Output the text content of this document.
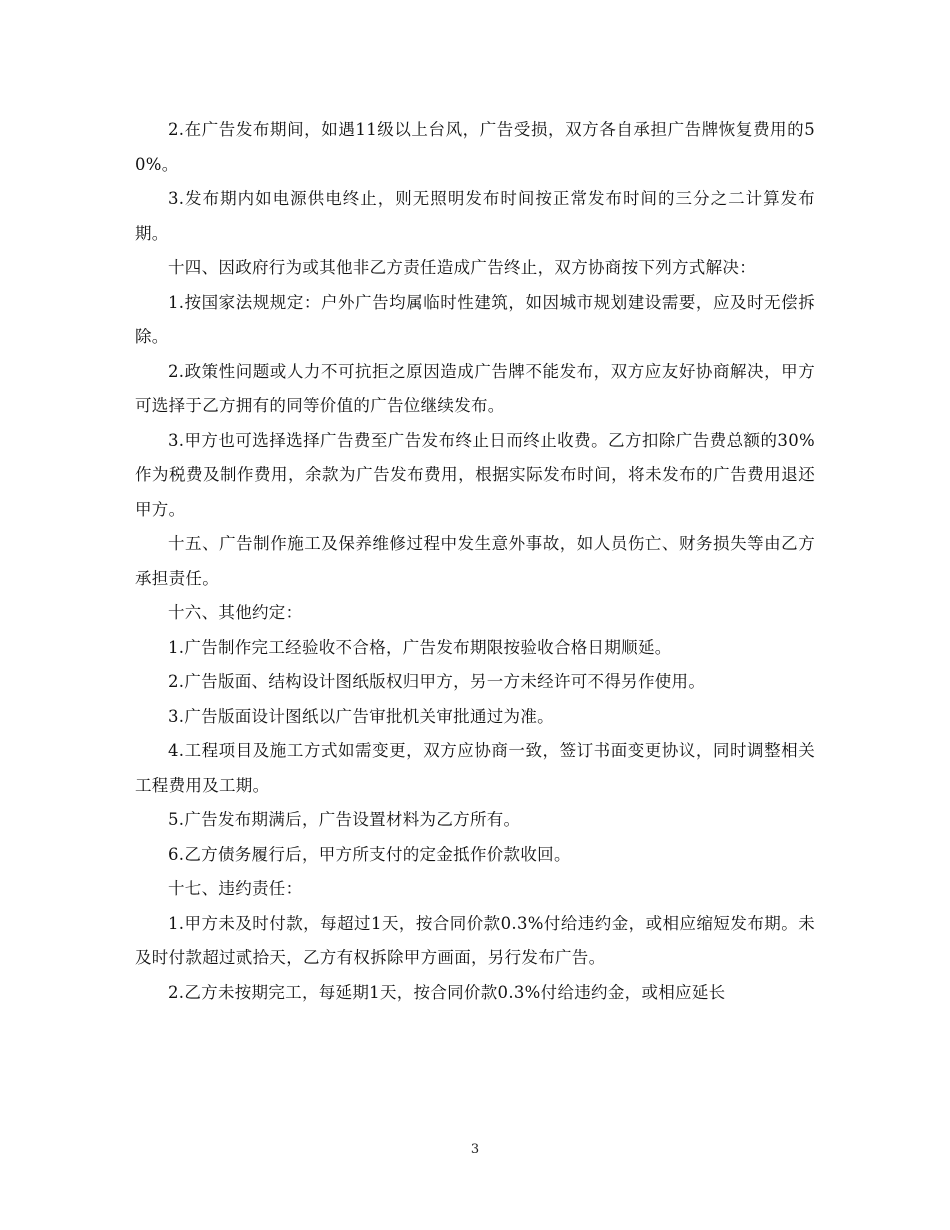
2.在广告发布期间，如遇11级以上台风，广告受损，双方各自承担广告牌恢复费用的50%。

3.发布期内如电源供电终止，则无照明发布时间按正常发布时间的三分之二计算发布期。

十四、因政府行为或其他非乙方责任造成广告终止，双方协商按下列方式解决：

1.按国家法规规定：户外广告均属临时性建筑，如因城市规划建设需要，应及时无偿拆除。

2.政策性问题或人力不可抗拒之原因造成广告牌不能发布，双方应友好协商解决，甲方可选择于乙方拥有的同等价值的广告位继续发布。

3.甲方也可选择选择广告费至广告发布终止日而终止收费。乙方扣除广告费总额的30%作为税费及制作费用，余款为广告发布费用，根据实际发布时间，将未发布的广告费用退还甲方。

十五、广告制作施工及保养维修过程中发生意外事故，如人员伤亡、财务损失等由乙方承担责任。

十六、其他约定：

1.广告制作完工经验收不合格，广告发布期限按验收合格日期顺延。

2.广告版面、结构设计图纸版权归甲方，另一方未经许可不得另作使用。

3.广告版面设计图纸以广告审批机关审批通过为准。

4.工程项目及施工方式如需变更，双方应协商一致，签订书面变更协议，同时调整相关工程费用及工期。

5.广告发布期满后，广告设置材料为乙方所有。

6.乙方债务履行后，甲方所支付的定金抵作价款收回。

十七、违约责任：

1.甲方未及时付款，每超过1天，按合同价款0.3%付给违约金，或相应缩短发布期。未及时付款超过贰拾天，乙方有权拆除甲方画面，另行发布广告。

2.乙方未按期完工，每延期1天，按合同价款0.3%付给违约金，或相应延长

3
